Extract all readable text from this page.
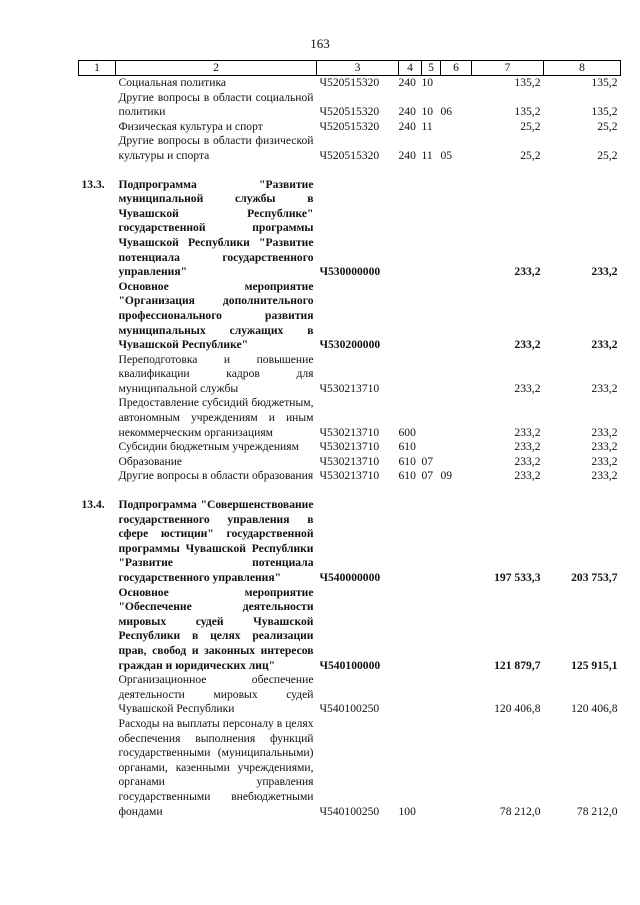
163
1	2	3	4	5	6	7	8
	Социальная политика	Ч520515320	240	10		135,2	135,2
	Другие вопросы в области социальной политики	Ч520515320	240	10	06	135,2	135,2
	Физическая культура и спорт	Ч520515320	240	11		25,2	25,2
	Другие вопросы в области физической культуры и спорта	Ч520515320	240	11	05	25,2	25,2

13.3.	Подпрограмма "Развитие муниципальной службы в Чувашской Республике" государственной программы Чувашской Республики "Развитие потенциала государственного управления"	Ч530000000				233,2	233,2
	Основное мероприятие "Организация дополнительного профессионального развития муниципальных служащих в Чувашской Республике"	Ч530200000				233,2	233,2
	Переподготовка и повышение квалификации кадров для муниципальной службы	Ч530213710				233,2	233,2
	Предоставление субсидий бюджетным, автономным учреждениям и иным некоммерческим организациям	Ч530213710	600			233,2	233,2
	Субсидии бюджетным учреждениям	Ч530213710	610			233,2	233,2
	Образование	Ч530213710	610	07		233,2	233,2
	Другие вопросы в области образования	Ч530213710	610	07	09	233,2	233,2

13.4.	Подпрограмма "Совершенствование государственного управления в сфере юстиции" государственной программы Чувашской Республики "Развитие потенциала государственного управления"	Ч540000000				197 533,3	203 753,7
	Основное мероприятие "Обеспечение деятельности мировых судей Чувашской Республики в целях реализации прав, свобод и законных интересов граждан и юридических лиц"	Ч540100000				121 879,7	125 915,1
	Организационное обеспечение деятельности мировых судей Чувашской Республики	Ч540100250				120 406,8	120 406,8
	Расходы на выплаты персоналу в целях обеспечения выполнения функций государственными (муниципальными) органами, казенными учреждениями, органами управления государственными внебюджетными фондами	Ч540100250	100			78 212,0	78 212,0
